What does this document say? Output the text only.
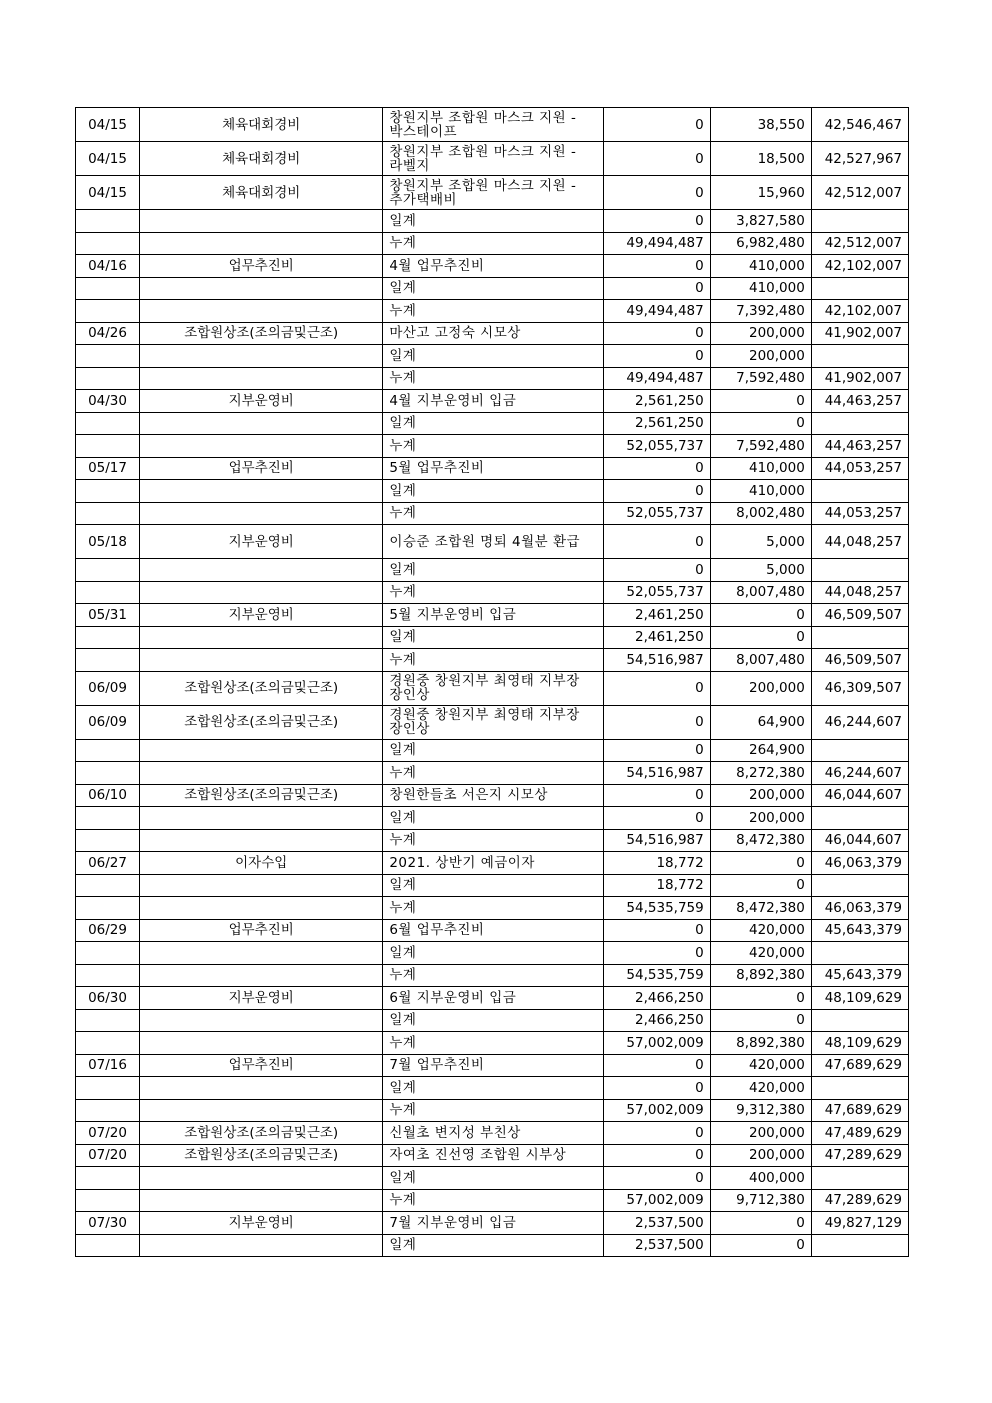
04/15	체육대회경비	창원지부 조합원 마스크 지원 - 박스테이프	0	38,550	42,546,467
04/15	체육대회경비	창원지부 조합원 마스크 지원 - 라벨지	0	18,500	42,527,967
04/15	체육대회경비	창원지부 조합원 마스크 지원 - 추가택배비	0	15,960	42,512,007
		일계	0	3,827,580	
		누계	49,494,487	6,982,480	42,512,007
04/16	업무추진비	4월 업무추진비	0	410,000	42,102,007
		일계	0	410,000	
		누계	49,494,487	7,392,480	42,102,007
04/26	조합원상조(조의금및근조)	마산고 고정숙 시모상	0	200,000	41,902,007
		일계	0	200,000	
		누계	49,494,487	7,592,480	41,902,007
04/30	지부운영비	4월 지부운영비 입금	2,561,250	0	44,463,257
		일계	2,561,250	0	
		누계	52,055,737	7,592,480	44,463,257
05/17	업무추진비	5월 업무추진비	0	410,000	44,053,257
		일계	0	410,000	
		누계	52,055,737	8,002,480	44,053,257
05/18	지부운영비	이승준 조합원 명퇴 4월분 환급	0	5,000	44,048,257
		일계	0	5,000	
		누계	52,055,737	8,007,480	44,048,257
05/31	지부운영비	5월 지부운영비 입금	2,461,250	0	46,509,507
		일계	2,461,250	0	
		누계	54,516,987	8,007,480	46,509,507
06/09	조합원상조(조의금및근조)	경원중 창원지부 최영태 지부장 장인상	0	200,000	46,309,507
06/09	조합원상조(조의금및근조)	경원중 창원지부 최영태 지부장 장인상	0	64,900	46,244,607
		일계	0	264,900	
		누계	54,516,987	8,272,380	46,244,607
06/10	조합원상조(조의금및근조)	창원한들초 서은지 시모상	0	200,000	46,044,607
		일계	0	200,000	
		누계	54,516,987	8,472,380	46,044,607
06/27	이자수입	2021. 상반기 예금이자	18,772	0	46,063,379
		일계	18,772	0	
		누계	54,535,759	8,472,380	46,063,379
06/29	업무추진비	6월 업무추진비	0	420,000	45,643,379
		일계	0	420,000	
		누계	54,535,759	8,892,380	45,643,379
06/30	지부운영비	6월 지부운영비 입금	2,466,250	0	48,109,629
		일계	2,466,250	0	
		누계	57,002,009	8,892,380	48,109,629
07/16	업무추진비	7월 업무추진비	0	420,000	47,689,629
		일계	0	420,000	
		누계	57,002,009	9,312,380	47,689,629
07/20	조합원상조(조의금및근조)	신월초 변지성 부친상	0	200,000	47,489,629
07/20	조합원상조(조의금및근조)	자여초 진선영 조합원 시부상	0	200,000	47,289,629
		일계	0	400,000	
		누계	57,002,009	9,712,380	47,289,629
07/30	지부운영비	7월 지부운영비 입금	2,537,500	0	49,827,129
		일계	2,537,500	0	
